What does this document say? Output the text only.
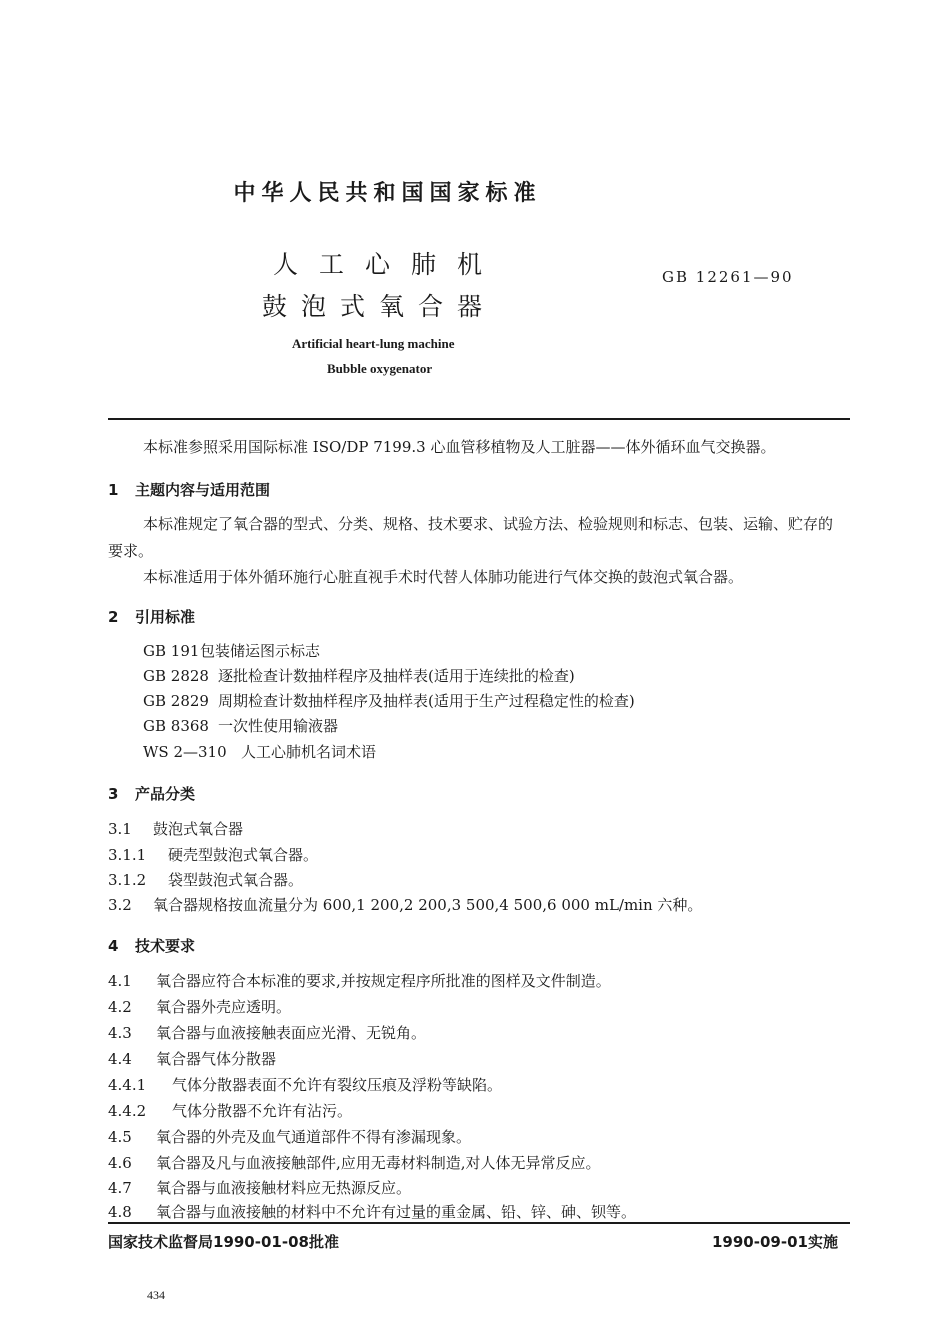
中华人民共和国国家标准
人工心肺机
鼓泡式氧合器
GB 12261—90
Artificial heart-lung machine
Bubble oxygenator
本标准参照采用国际标准 ISO/DP 7199.3 心血管移植物及人工脏器——体外循环血气交换器。
1 主题内容与适用范围
本标准规定了氧合器的型式、分类、规格、技术要求、试验方法、检验规则和标志、包装、运输、贮存的
要求。
本标准适用于体外循环施行心脏直视手术时代替人体肺功能进行气体交换的鼓泡式氧合器。
2 引用标准
GB 191包装储运图示标志
GB 2828 逐批检查计数抽样程序及抽样表(适用于连续批的检查)
GB 2829 周期检查计数抽样程序及抽样表(适用于生产过程稳定性的检查)
GB 8368 一次性使用输液器
WS 2—310 人工心肺机名词术语
3 产品分类
3.1 鼓泡式氧合器
3.1.1 硬壳型鼓泡式氧合器。
3.1.2 袋型鼓泡式氧合器。
3.2 氧合器规格按血流量分为 600,1 200,2 200,3 500,4 500,6 000 mL/min 六种。
4 技术要求
4.1 氧合器应符合本标准的要求,并按规定程序所批准的图样及文件制造。
4.2 氧合器外壳应透明。
4.3 氧合器与血液接触表面应光滑、无锐角。
4.4 氧合器气体分散器
4.4.1 气体分散器表面不允许有裂纹压痕及浮粉等缺陷。
4.4.2 气体分散器不允许有沾污。
4.5 氧合器的外壳及血气通道部件不得有渗漏现象。
4.6 氧合器及凡与血液接触部件,应用无毒材料制造,对人体无异常反应。
4.7 氧合器与血液接触材料应无热源反应。
4.8 氧合器与血液接触的材料中不允许有过量的重金属、铅、锌、砷、钡等。
国家技术监督局1990-01-08批准	1990-09-01实施
434
